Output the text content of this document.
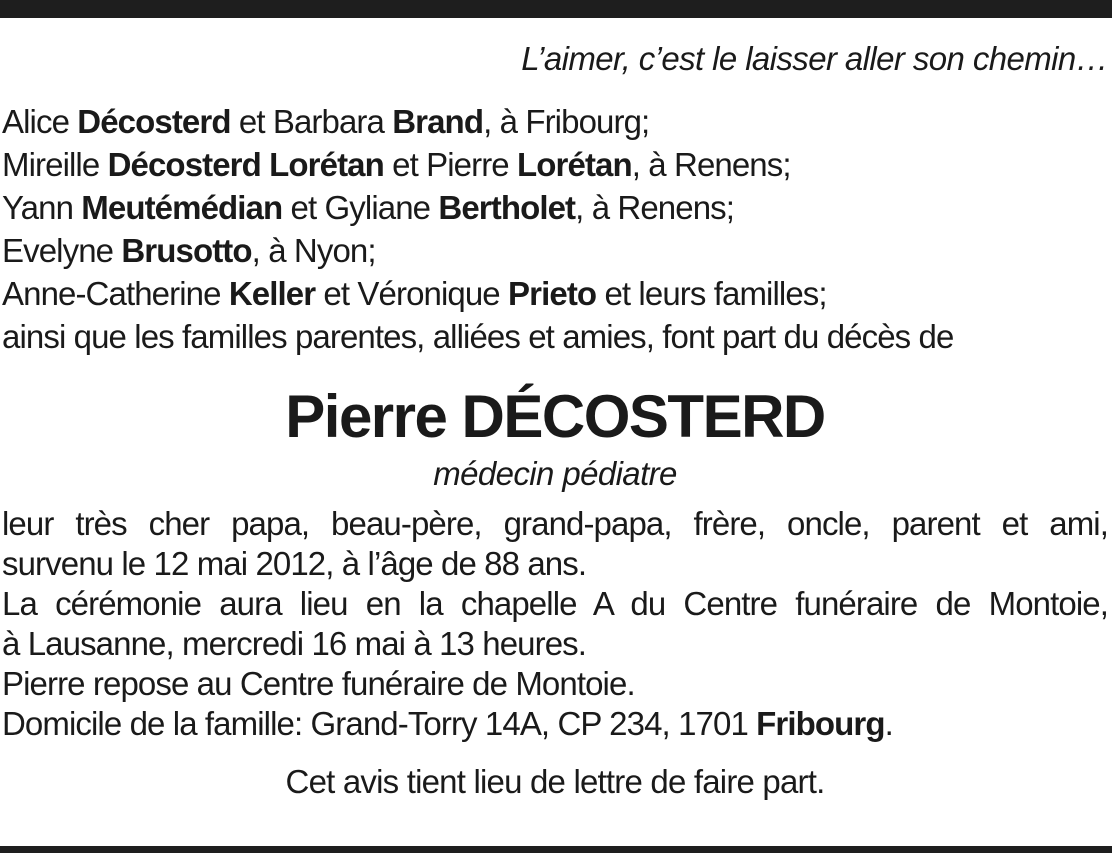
L’aimer, c’est le laisser aller son chemin…
Alice Décosterd et Barbara Brand, à Fribourg;
Mireille Décosterd Lorétan et Pierre Lorétan, à Renens;
Yann Meutémédian et Gyliane Bertholet, à Renens;
Evelyne Brusotto, à Nyon;
Anne-Catherine Keller et Véronique Prieto et leurs familles;
ainsi que les familles parentes, alliées et amies, font part du décès de
Pierre DÉCOSTERD
médecin pédiatre
leur très cher papa, beau-père, grand-papa, frère, oncle, parent et ami,
survenu le 12 mai 2012, à l’âge de 88 ans.
La cérémonie aura lieu en la chapelle A du Centre funéraire de Montoie,
à Lausanne, mercredi 16 mai à 13 heures.
Pierre repose au Centre funéraire de Montoie.
Domicile de la famille: Grand-Torry 14A, CP 234, 1701 Fribourg.
Cet avis tient lieu de lettre de faire part.
